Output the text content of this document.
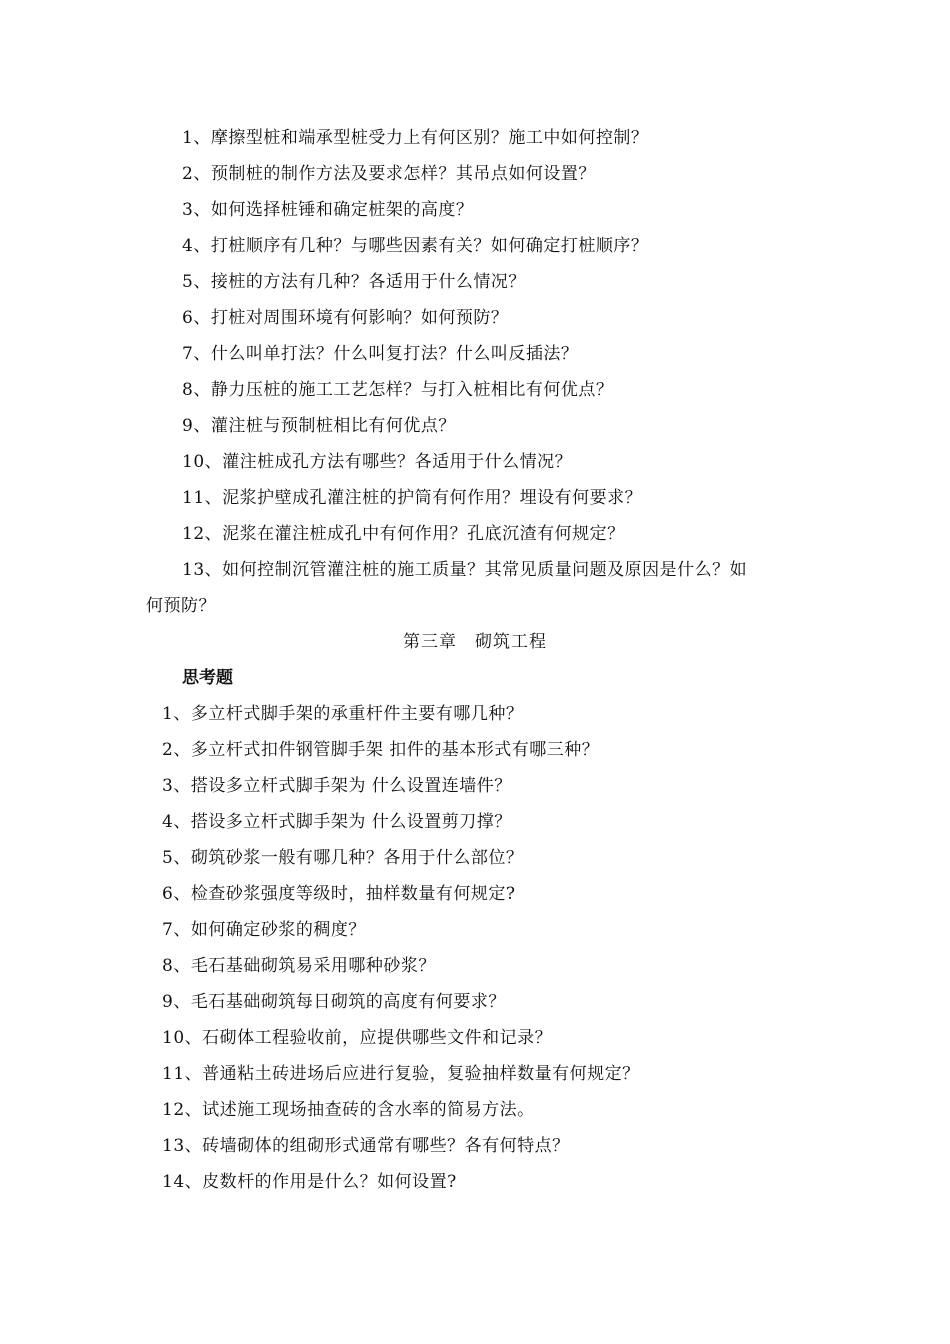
1、摩擦型桩和端承型桩受力上有何区别？施工中如何控制？
2、预制桩的制作方法及要求怎样？其吊点如何设置？
3、如何选择桩锤和确定桩架的高度？
4、打桩顺序有几种？与哪些因素有关？如何确定打桩顺序？
5、接桩的方法有几种？各适用于什么情况？
6、打桩对周围环境有何影响？如何预防？
7、什么叫单打法？什么叫复打法？什么叫反插法？
8、静力压桩的施工工艺怎样？与打入桩相比有何优点？
9、灌注桩与预制桩相比有何优点？
10、灌注桩成孔方法有哪些？各适用于什么情况？
11、泥浆护壁成孔灌注桩的护筒有何作用？埋设有何要求？
12、泥浆在灌注桩成孔中有何作用？孔底沉渣有何规定？
13、如何控制沉管灌注桩的施工质量？其常见质量问题及原因是什么？如
何预防？
第三章　砌筑工程
思考题
1、多立杆式脚手架的承重杆件主要有哪几种？
2、多立杆式扣件钢管脚手架 扣件的基本形式有哪三种？
3、搭设多立杆式脚手架为 什么设置连墙件？
4、搭设多立杆式脚手架为 什么设置剪刀撑？
5、砌筑砂浆一般有哪几种？各用于什么部位？
6、检查砂浆强度等级时，抽样数量有何规定?
7、如何确定砂浆的稠度？
8、毛石基础砌筑易采用哪种砂浆？
9、毛石基础砌筑每日砌筑的高度有何要求？
10、石砌体工程验收前，应提供哪些文件和记录？
11、普通粘土砖进场后应进行复验，复验抽样数量有何规定？
12、试述施工现场抽查砖的含水率的简易方法。
13、砖墙砌体的组砌形式通常有哪些？各有何特点？
14、皮数杆的作用是什么？如何设置?
